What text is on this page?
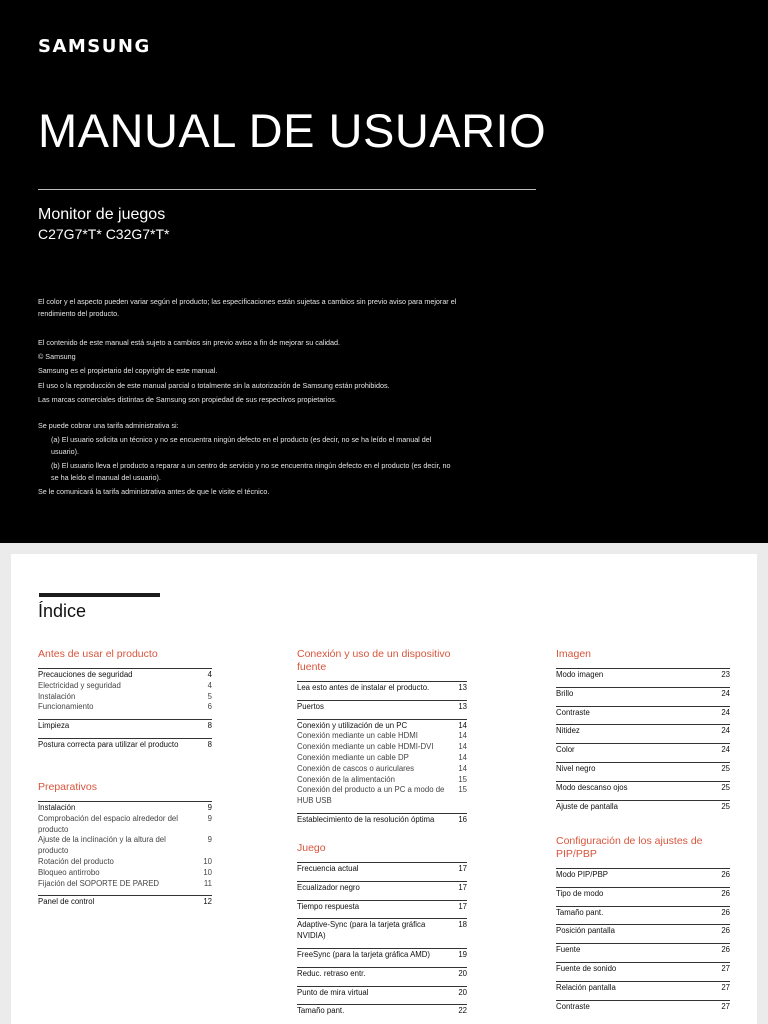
SAMSUNG
MANUAL DE USUARIO
Monitor de juegos
C27G7*T* C32G7*T*
El color y el aspecto pueden variar según el producto; las especificaciones están sujetas a cambios sin previo aviso para mejorar el rendimiento del producto.
El contenido de este manual está sujeto a cambios sin previo aviso a fin de mejorar su calidad.
© Samsung
Samsung es el propietario del copyright de este manual.
El uso o la reproducción de este manual parcial o totalmente sin la autorización de Samsung están prohibidos.
Las marcas comerciales distintas de Samsung son propiedad de sus respectivos propietarios.
Se puede cobrar una tarifa administrativa si:
(a) El usuario solicita un técnico y no se encuentra ningún defecto en el producto (es decir, no se ha leído el manual del usuario).
(b) El usuario lleva el producto a reparar a un centro de servicio y no se encuentra ningún defecto en el producto (es decir, no se ha leído el manual del usuario).
Se le comunicará la tarifa administrativa antes de que le visite el técnico.
Índice
Antes de usar el producto
Precauciones de seguridad	4
Electricidad y seguridad	4
Instalación	5
Funcionamiento	6
Limpieza	8
Postura correcta para utilizar el producto	8
Preparativos
Instalación	9
Comprobación del espacio alrededor del producto
9
Ajuste de la inclinación y la altura del producto
9
Rotación del producto	10
Bloqueo antirrobo	10
Fijación del SOPORTE DE PARED	11
Panel de control	12
Conexión y uso de un dispositivo fuente
Lea esto antes de instalar el producto.	13
Puertos	13
Conexión y utilización de un PC	14
Conexión mediante un cable HDMI	14
Conexión mediante un cable HDMI-DVI	14
Conexión mediante un cable DP	14
Conexión de cascos o auriculares	14
Conexión de la alimentación	15
Conexión del producto a un PC a modo de HUB USB
15
Establecimiento de la resolución óptima	16
Juego
Frecuencia actual	17
Ecualizador negro	17
Tiempo respuesta	17
Adaptive-Sync (para la tarjeta gráfica NVIDIA)
18
FreeSync (para la tarjeta gráfica AMD)	19
Reduc. retraso entr.	20
Punto de mira virtual	20
Tamaño pant.	22
Imagen
Modo imagen	23
Brillo	24
Contraste	24
Nitidez	24
Color	24
Nivel negro	25
Modo descanso ojos	25
Ajuste de pantalla	25
Configuración de los ajustes de PIP/PBP
Modo PIP/PBP	26
Tipo de modo	26
Tamaño pant.	26
Posición pantalla	26
Fuente	26
Fuente de sonido	27
Relación pantalla	27
Contraste	27
